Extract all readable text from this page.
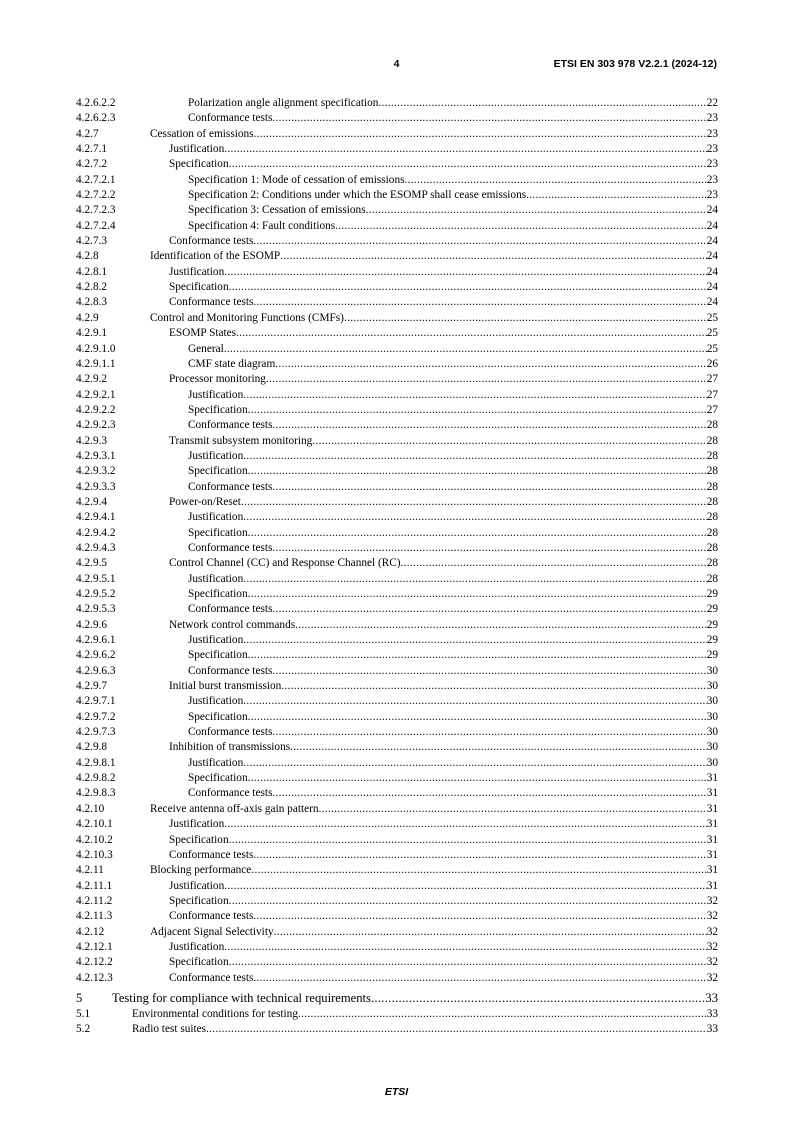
4	ETSI EN 303 978 V2.2.1 (2024-12)
4.2.6.2.2	Polarization angle alignment specification .....	22
4.2.6.2.3	Conformance tests .....	23
4.2.7	Cessation of emissions .....	23
4.2.7.1	Justification .....	23
4.2.7.2	Specification .....	23
4.2.7.2.1	Specification 1: Mode of cessation of emissions .....	23
4.2.7.2.2	Specification 2: Conditions under which the ESOMP shall cease emissions .....	23
4.2.7.2.3	Specification 3: Cessation of emissions .....	24
4.2.7.2.4	Specification 4: Fault conditions .....	24
4.2.7.3	Conformance tests .....	24
4.2.8	Identification of the ESOMP .....	24
4.2.8.1	Justification .....	24
4.2.8.2	Specification .....	24
4.2.8.3	Conformance tests .....	24
4.2.9	Control and Monitoring Functions (CMFs) .....	25
4.2.9.1	ESOMP States .....	25
4.2.9.1.0	General .....	25
4.2.9.1.1	CMF state diagram .....	26
4.2.9.2	Processor monitoring .....	27
4.2.9.2.1	Justification .....	27
4.2.9.2.2	Specification .....	27
4.2.9.2.3	Conformance tests .....	28
4.2.9.3	Transmit subsystem monitoring .....	28
4.2.9.3.1	Justification .....	28
4.2.9.3.2	Specification .....	28
4.2.9.3.3	Conformance tests .....	28
4.2.9.4	Power-on/Reset .....	28
4.2.9.4.1	Justification .....	28
4.2.9.4.2	Specification .....	28
4.2.9.4.3	Conformance tests .....	28
4.2.9.5	Control Channel (CC) and Response Channel (RC) .....	28
4.2.9.5.1	Justification .....	28
4.2.9.5.2	Specification .....	29
4.2.9.5.3	Conformance tests .....	29
4.2.9.6	Network control commands .....	29
4.2.9.6.1	Justification .....	29
4.2.9.6.2	Specification .....	29
4.2.9.6.3	Conformance tests .....	30
4.2.9.7	Initial burst transmission .....	30
4.2.9.7.1	Justification .....	30
4.2.9.7.2	Specification .....	30
4.2.9.7.3	Conformance tests .....	30
4.2.9.8	Inhibition of transmissions .....	30
4.2.9.8.1	Justification .....	30
4.2.9.8.2	Specification .....	31
4.2.9.8.3	Conformance tests .....	31
4.2.10	Receive antenna off-axis gain pattern .....	31
4.2.10.1	Justification .....	31
4.2.10.2	Specification .....	31
4.2.10.3	Conformance tests .....	31
4.2.11	Blocking performance .....	31
4.2.11.1	Justification .....	31
4.2.11.2	Specification .....	32
4.2.11.3	Conformance tests .....	32
4.2.12	Adjacent Signal Selectivity .....	32
4.2.12.1	Justification .....	32
4.2.12.2	Specification .....	32
4.2.12.3	Conformance tests .....	32
5 Testing for compliance with technical requirements .....	33
5.1	Environmental conditions for testing .....	33
5.2	Radio test suites .....	33
ETSI
